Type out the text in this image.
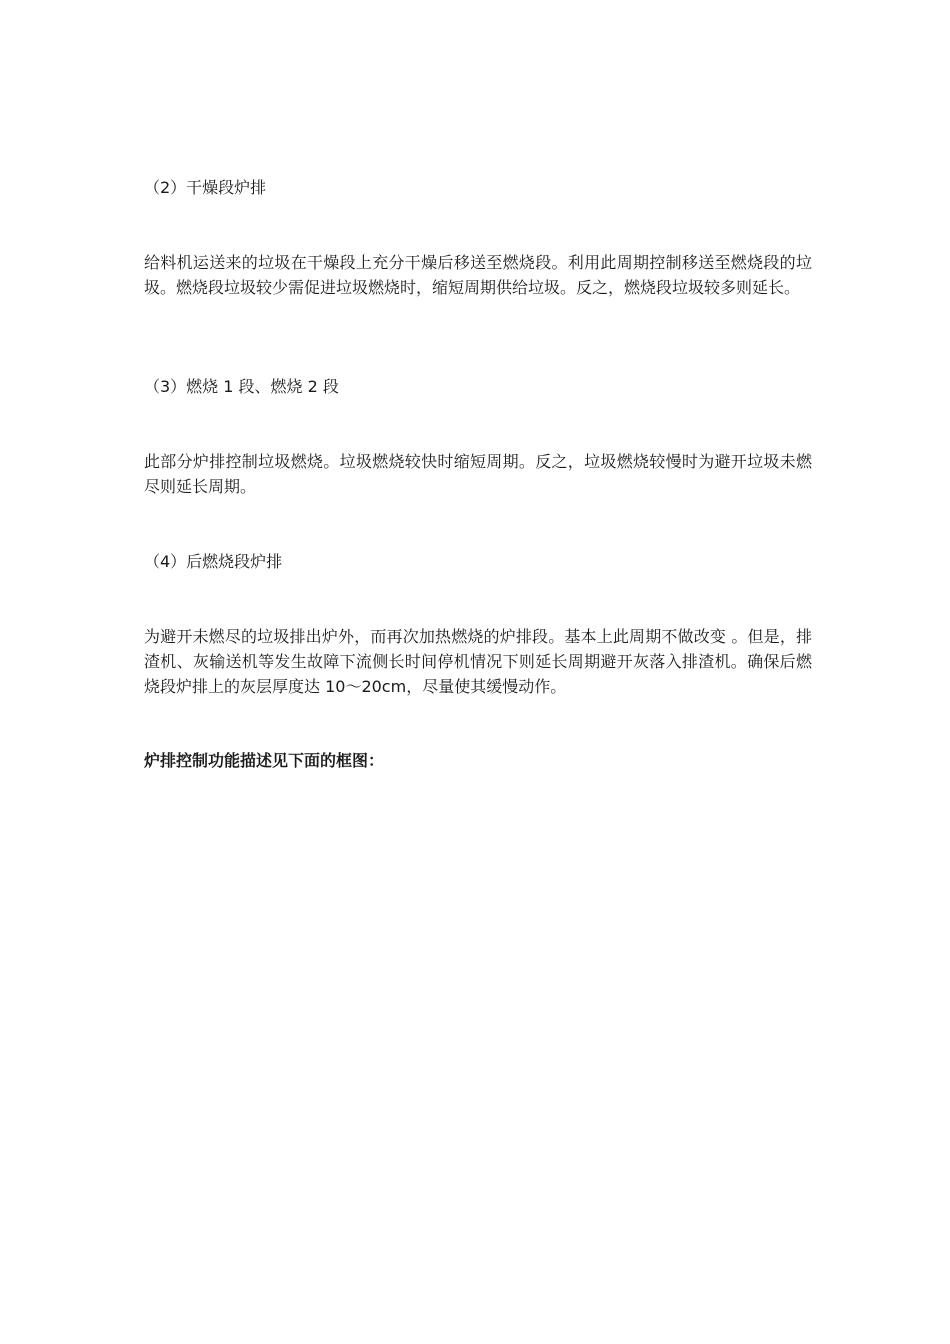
（2）干燥段炉排

给料机运送来的垃圾在干燥段上充分干燥后移送至燃烧段。利用此周期控制移送至燃烧段的垃圾。燃烧段垃圾较少需促进垃圾燃烧时，缩短周期供给垃圾。反之，燃烧段垃圾较多则延长。

（3）燃烧 1 段、燃烧 2 段

此部分炉排控制垃圾燃烧。垃圾燃烧较快时缩短周期。反之，垃圾燃烧较慢时为避开垃圾未燃尽则延长周期。

（4）后燃烧段炉排

为避开未燃尽的垃圾排出炉外，而再次加热燃烧的炉排段。基本上此周期不做改变 。但是，排渣机、灰输送机等发生故障下流侧长时间停机情况下则延长周期避开灰落入排渣机。确保后燃烧段炉排上的灰层厚度达 10～20cm，尽量使其缓慢动作。

炉排控制功能描述见下面的框图：
